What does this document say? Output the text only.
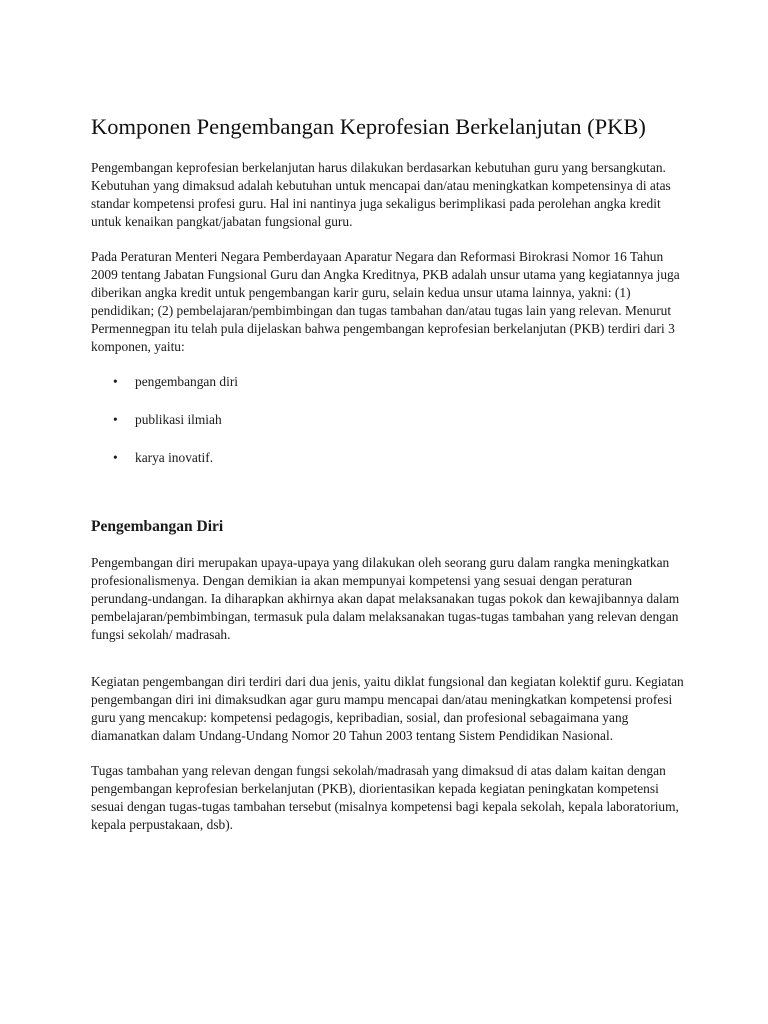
Komponen Pengembangan Keprofesian Berkelanjutan (PKB)

Pengembangan keprofesian berkelanjutan harus dilakukan berdasarkan kebutuhan guru yang bersangkutan. Kebutuhan yang dimaksud adalah kebutuhan untuk mencapai dan/atau meningkatkan kompetensinya di atas standar kompetensi profesi guru. Hal ini nantinya juga sekaligus berimplikasi pada perolehan angka kredit untuk kenaikan pangkat/jabatan fungsional guru.

Pada Peraturan Menteri Negara Pemberdayaan Aparatur Negara dan Reformasi Birokrasi Nomor 16 Tahun 2009 tentang Jabatan Fungsional Guru dan Angka Kreditnya, PKB adalah unsur utama yang kegiatannya juga diberikan angka kredit untuk pengembangan karir guru, selain kedua unsur utama lainnya, yakni: (1) pendidikan; (2) pembelajaran/pembimbingan dan tugas tambahan dan/atau tugas lain yang relevan. Menurut Permennegpan itu telah pula dijelaskan bahwa pengembangan keprofesian berkelanjutan (PKB) terdiri dari 3 komponen, yaitu:

• pengembangan diri
• publikasi ilmiah
• karya inovatif.
Pengembangan Diri

Pengembangan diri merupakan upaya-upaya yang dilakukan oleh seorang guru dalam rangka meningkatkan profesionalismenya. Dengan demikian ia akan mempunyai kompetensi yang sesuai dengan peraturan perundang-undangan. Ia diharapkan akhirnya akan dapat melaksanakan tugas pokok dan kewajibannya dalam pembelajaran/pembimbingan, termasuk pula dalam melaksanakan tugas-tugas tambahan yang relevan dengan fungsi sekolah/ madrasah.

Kegiatan pengembangan diri terdiri dari dua jenis, yaitu diklat fungsional dan kegiatan kolektif guru. Kegiatan pengembangan diri ini dimaksudkan agar guru mampu mencapai dan/atau meningkatkan kompetensi profesi guru yang mencakup: kompetensi pedagogis, kepribadian, sosial, dan profesional sebagaimana yang diamanatkan dalam Undang-Undang Nomor 20 Tahun 2003 tentang Sistem Pendidikan Nasional.

Tugas tambahan yang relevan dengan fungsi sekolah/madrasah yang dimaksud di atas dalam kaitan dengan pengembangan keprofesian berkelanjutan (PKB), diorientasikan kepada kegiatan peningkatan kompetensi sesuai dengan tugas-tugas tambahan tersebut (misalnya kompetensi bagi kepala sekolah, kepala laboratorium, kepala perpustakaan, dsb).
